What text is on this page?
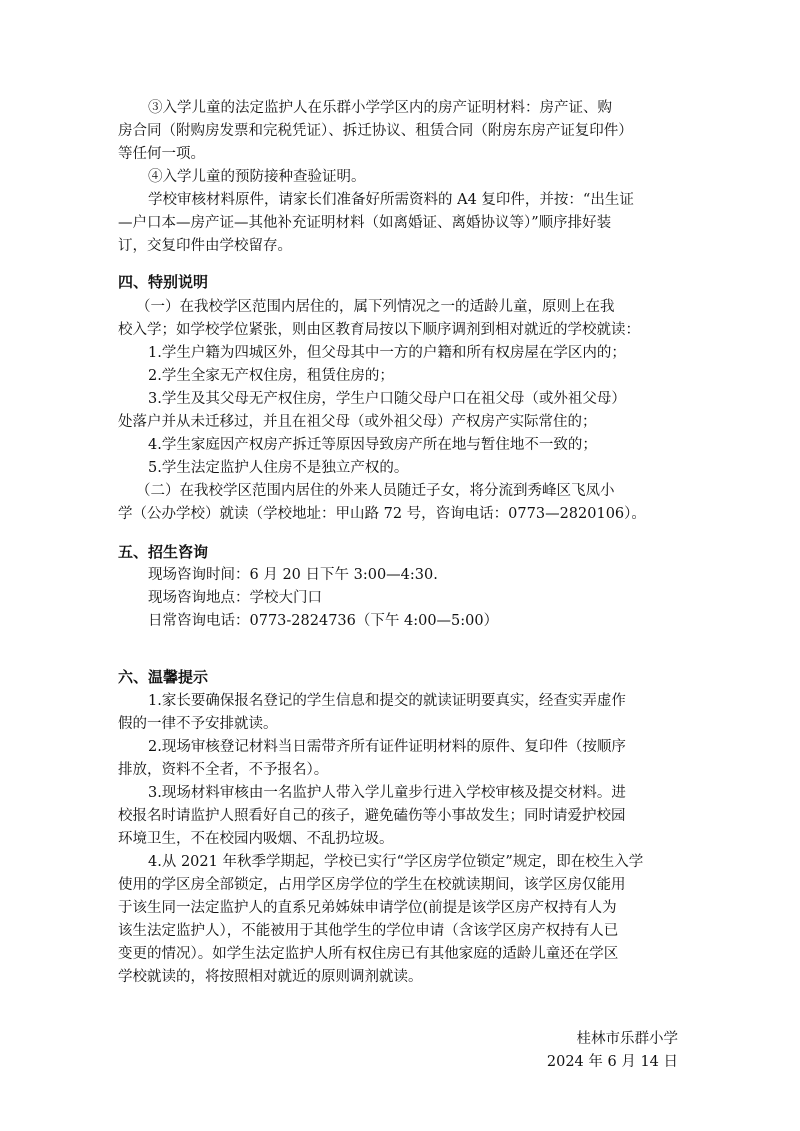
③入学儿童的法定监护人在乐群小学学区内的房产证明材料：房产证、购
房合同（附购房发票和完税凭证）、拆迁协议、租赁合同（附房东房产证复印件）
等任何一项。
④入学儿童的预防接种查验证明。
学校审核材料原件，请家长们准备好所需资料的 A4 复印件，并按：“出生证
—户口本—房产证—其他补充证明材料（如离婚证、离婚协议等）”顺序排好装
订，交复印件由学校留存。
四、特别说明
（一）在我校学区范围内居住的，属下列情况之一的适龄儿童，原则上在我
校入学；如学校学位紧张，则由区教育局按以下顺序调剂到相对就近的学校就读：
1.学生户籍为四城区外，但父母其中一方的户籍和所有权房屋在学区内的；
2.学生全家无产权住房，租赁住房的；
3.学生及其父母无产权住房，学生户口随父母户口在祖父母（或外祖父母）
处落户并从未迁移过，并且在祖父母（或外祖父母）产权房产实际常住的；
4.学生家庭因产权房产拆迁等原因导致房产所在地与暂住地不一致的；
5.学生法定监护人住房不是独立产权的。
（二）在我校学区范围内居住的外来人员随迁子女，将分流到秀峰区飞凤小
学（公办学校）就读（学校地址：甲山路 72 号，咨询电话：0773—2820106）。
五、招生咨询
现场咨询时间：6 月 20 日下午 3:00—4:30.
现场咨询地点：学校大门口
日常咨询电话：0773-2824736（下午 4:00—5:00）
六、温馨提示
1.家长要确保报名登记的学生信息和提交的就读证明要真实，经查实弄虚作
假的一律不予安排就读。
2.现场审核登记材料当日需带齐所有证件证明材料的原件、复印件（按顺序
排放，资料不全者，不予报名）。
3.现场材料审核由一名监护人带入学儿童步行进入学校审核及提交材料。进
校报名时请监护人照看好自己的孩子，避免磕伤等小事故发生；同时请爱护校园
环境卫生，不在校园内吸烟、不乱扔垃圾。
4.从 2021 年秋季学期起，学校已实行“学区房学位锁定”规定，即在校生入学
使用的学区房全部锁定，占用学区房学位的学生在校就读期间，该学区房仅能用
于该生同一法定监护人的直系兄弟姊妹申请学位(前提是该学区房产权持有人为
该生法定监护人），不能被用于其他学生的学位申请（含该学区房产权持有人已
变更的情况）。如学生法定监护人所有权住房已有其他家庭的适龄儿童还在学区
学校就读的，将按照相对就近的原则调剂就读。
桂林市乐群小学
2024 年 6 月 14 日
